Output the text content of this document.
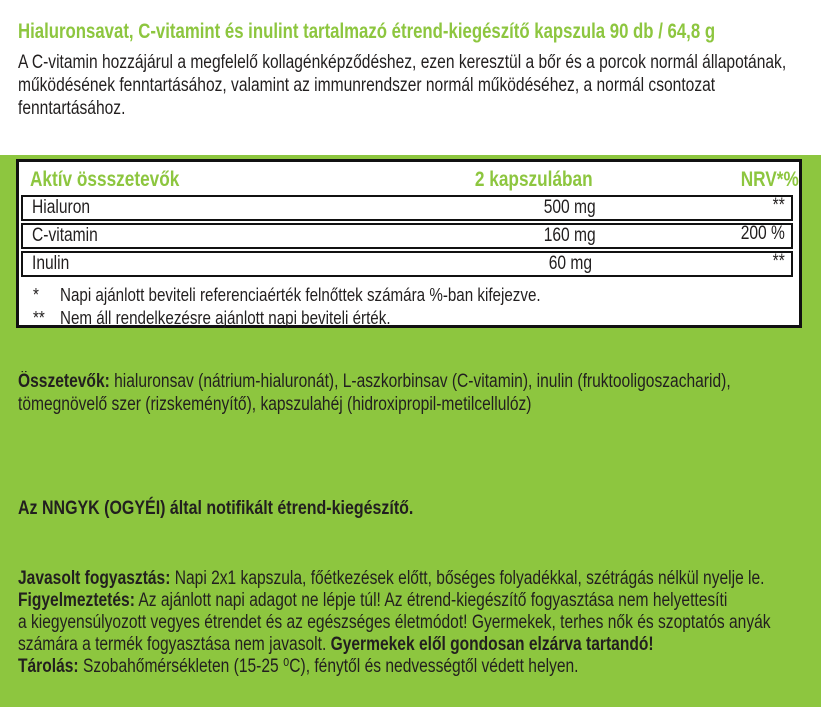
Hialuronsavat, C-vitamint és inulint tartalmazó étrend-kiegészítő kapszula 90 db / 64,8 g
A C-vitamin hozzájárul a megfelelő kollagénképződéshez, ezen keresztül a bőr és a porcok normál állapotának,
működésének fenntartásához, valamint az immunrendszer normál működéséhez, a normál csontozat
fenntartásához.
Aktív össszetevők	2 kapszulában	NRV*%
Hialuron	500 mg	**
C-vitamin	160 mg	200 %
Inulin	60 mg	**
*	Napi ajánlott beviteli referenciaérték felnőttek számára %-ban kifejezve.
** Nem áll rendelkezésre ajánlott napi beviteli érték.
Összetevők: hialuronsav (nátrium-hialuronát), L-aszkorbinsav (C-vitamin), inulin (fruktooligoszacharid),
tömegnövelő szer (rizskeményítő), kapszulahéj (hidroxipropil-metilcellulóz)
Az NNGYK (OGYÉI) által notifikált étrend-kiegészítő.
Javasolt fogyasztás: Napi 2x1 kapszula, főétkezések előtt, bőséges folyadékkal, szétrágás nélkül nyelje le.
Figyelmeztetés: Az ajánlott napi adagot ne lépje túl! Az étrend-kiegészítő fogyasztása nem helyettesíti
a kiegyensúlyozott vegyes étrendet és az egészséges életmódot! Gyermekek, terhes nők és szoptatós anyák
számára a termék fogyasztása nem javasolt. Gyermekek elől gondosan elzárva tartandó!
Tárolás: Szobahőmérsékleten (15-25 ⁰C), fénytől és nedvességtől védett helyen.
